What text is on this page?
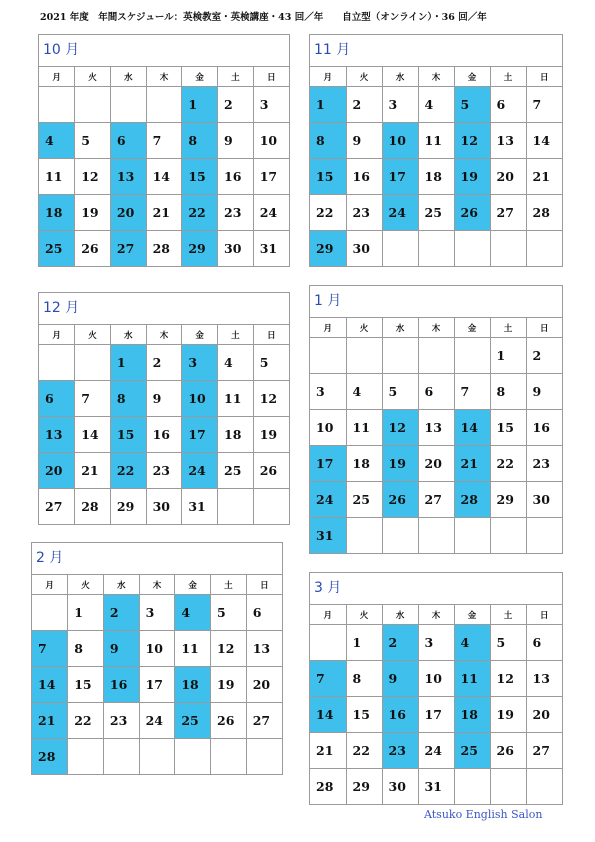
2021 年度　年間スケジュール：英検教室・英検講座・43 回／年　　自立型（オンライン）・36 回／年
10 月
月	火	水	木	金	土	日
				1	2	3
4	5	6	7	8	9	10
11	12	13	14	15	16	17
18	19	20	21	22	23	24
25	26	27	28	29	30	31
11 月
月	火	水	木	金	土	日
1	2	3	4	5	6	7
8	9	10	11	12	13	14
15	16	17	18	19	20	21
22	23	24	25	26	27	28
29	30					
12 月
月	火	水	木	金	土	日
		1	2	3	4	5
6	7	8	9	10	11	12
13	14	15	16	17	18	19
20	21	22	23	24	25	26
27	28	29	30	31		
1 月
月	火	水	木	金	土	日
					1	2
3	4	5	6	7	8	9
10	11	12	13	14	15	16
17	18	19	20	21	22	23
24	25	26	27	28	29	30
31						
2 月
月	火	水	木	金	土	日
	1	2	3	4	5	6
7	8	9	10	11	12	13
14	15	16	17	18	19	20
21	22	23	24	25	26	27
28						
3 月
月	火	水	木	金	土	日
	1	2	3	4	5	6
7	8	9	10	11	12	13
14	15	16	17	18	19	20
21	22	23	24	25	26	27
28	29	30	31			
Atsuko English Salon
